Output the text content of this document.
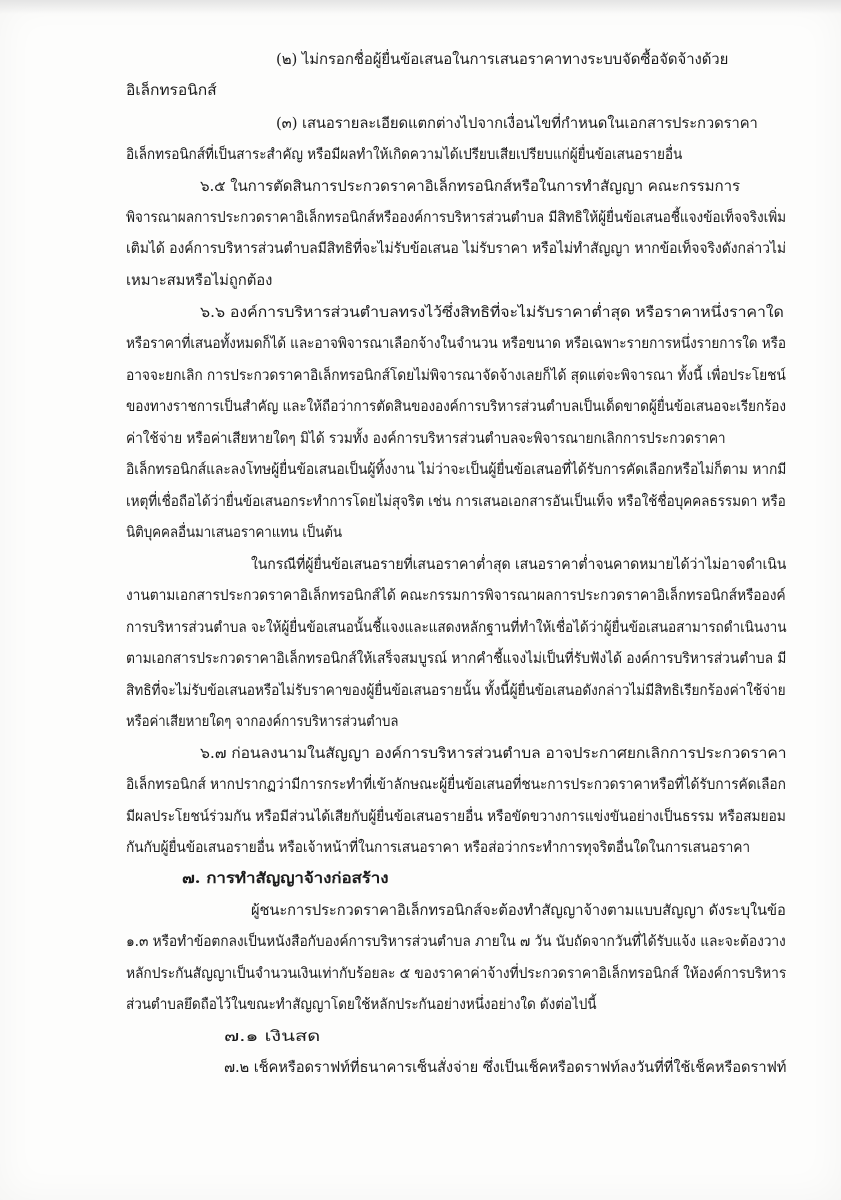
(๒) ไม่กรอกชื่อผู้ยื่นข้อเสนอในการเสนอราคาทางระบบจัดซื้อจัดจ้างด้วย
อิเล็กทรอนิกส์
(๓) เสนอรายละเอียดแตกต่างไปจากเงื่อนไขที่กำหนดในเอกสารประกวดราคา
อิเล็กทรอนิกส์ที่เป็นสาระสำคัญ หรือมีผลทำให้เกิดความได้เปรียบเสียเปรียบแก่ผู้ยื่นข้อเสนอรายอื่น
๖.๕ ในการตัดสินการประกวดราคาอิเล็กทรอนิกส์หรือในการทำสัญญา คณะกรรมการ
พิจารณาผลการประกวดราคาอิเล็กทรอนิกส์หรือองค์การบริหารส่วนตำบล มีสิทธิให้ผู้ยื่นข้อเสนอชี้แจงข้อเท็จจริงเพิ่ม
เติมได้ องค์การบริหารส่วนตำบลมีสิทธิที่จะไม่รับข้อเสนอ ไม่รับราคา หรือไม่ทำสัญญา หากข้อเท็จจริงดังกล่าวไม่
เหมาะสมหรือไม่ถูกต้อง
๖.๖ องค์การบริหารส่วนตำบลทรงไว้ซึ่งสิทธิที่จะไม่รับราคาต่ำสุด หรือราคาหนึ่งราคาใด
หรือราคาที่เสนอทั้งหมดก็ได้ และอาจพิจารณาเลือกจ้างในจำนวน หรือขนาด หรือเฉพาะรายการหนึ่งรายการใด หรือ
อาจจะยกเลิก การประกวดราคาอิเล็กทรอนิกส์โดยไม่พิจารณาจัดจ้างเลยก็ได้ สุดแต่จะพิจารณา ทั้งนี้ เพื่อประโยชน์
ของทางราชการเป็นสำคัญ และให้ถือว่าการตัดสินขององค์การบริหารส่วนตำบลเป็นเด็ดขาดผู้ยื่นข้อเสนอจะเรียกร้อง
ค่าใช้จ่าย หรือค่าเสียหายใดๆ มิได้ รวมทั้ง องค์การบริหารส่วนตำบลจะพิจารณายกเลิกการประกวดราคา
อิเล็กทรอนิกส์และลงโทษผู้ยื่นข้อเสนอเป็นผู้ทิ้งงาน ไม่ว่าจะเป็นผู้ยื่นข้อเสนอที่ได้รับการคัดเลือกหรือไม่ก็ตาม หากมี
เหตุที่เชื่อถือได้ว่ายื่นข้อเสนอกระทำการโดยไม่สุจริต เช่น การเสนอเอกสารอันเป็นเท็จ หรือใช้ชื่อบุคคลธรรมดา หรือ
นิติบุคคลอื่นมาเสนอราคาแทน เป็นต้น
ในกรณีที่ผู้ยื่นข้อเสนอรายที่เสนอราคาต่ำสุด เสนอราคาต่ำจนคาดหมายได้ว่าไม่อาจดำเนิน
งานตามเอกสารประกวดราคาอิเล็กทรอนิกส์ได้ คณะกรรมการพิจารณาผลการประกวดราคาอิเล็กทรอนิกส์หรือองค์
การบริหารส่วนตำบล จะให้ผู้ยื่นข้อเสนอนั้นชี้แจงและแสดงหลักฐานที่ทำให้เชื่อได้ว่าผู้ยื่นข้อเสนอสามารถดำเนินงาน
ตามเอกสารประกวดราคาอิเล็กทรอนิกส์ให้เสร็จสมบูรณ์ หากคำชี้แจงไม่เป็นที่รับฟังได้ องค์การบริหารส่วนตำบล มี
สิทธิที่จะไม่รับข้อเสนอหรือไม่รับราคาของผู้ยื่นข้อเสนอรายนั้น ทั้งนี้ผู้ยื่นข้อเสนอดังกล่าวไม่มีสิทธิเรียกร้องค่าใช้จ่าย
หรือค่าเสียหายใดๆ จากองค์การบริหารส่วนตำบล
๖.๗ ก่อนลงนามในสัญญา องค์การบริหารส่วนตำบล อาจประกาศยกเลิกการประกวดราคา
อิเล็กทรอนิกส์ หากปรากฏว่ามีการกระทำที่เข้าลักษณะผู้ยื่นข้อเสนอที่ชนะการประกวดราคาหรือที่ได้รับการคัดเลือก
มีผลประโยชน์ร่วมกัน หรือมีส่วนได้เสียกับผู้ยื่นข้อเสนอรายอื่น หรือขัดขวางการแข่งขันอย่างเป็นธรรม หรือสมยอม
กันกับผู้ยื่นข้อเสนอรายอื่น หรือเจ้าหน้าที่ในการเสนอราคา หรือส่อว่ากระทำการทุจริตอื่นใดในการเสนอราคา
๗. การทำสัญญาจ้างก่อสร้าง
ผู้ชนะการประกวดราคาอิเล็กทรอนิกส์จะต้องทำสัญญาจ้างตามแบบสัญญา ดังระบุในข้อ
๑.๓ หรือทำข้อตกลงเป็นหนังสือกับองค์การบริหารส่วนตำบล ภายใน ๗ วัน นับถัดจากวันที่ได้รับแจ้ง และจะต้องวาง
หลักประกันสัญญาเป็นจำนวนเงินเท่ากับร้อยละ ๕ ของราคาค่าจ้างที่ประกวดราคาอิเล็กทรอนิกส์ ให้องค์การบริหาร
ส่วนตำบลยึดถือไว้ในขณะทำสัญญาโดยใช้หลักประกันอย่างหนึ่งอย่างใด ดังต่อไปนี้
๗.๑ เงินสด
๗.๒ เช็คหรือดราฟท์ที่ธนาคารเซ็นสั่งจ่าย ซึ่งเป็นเช็คหรือดราฟท์ลงวันที่ที่ใช้เช็คหรือดราฟท์
